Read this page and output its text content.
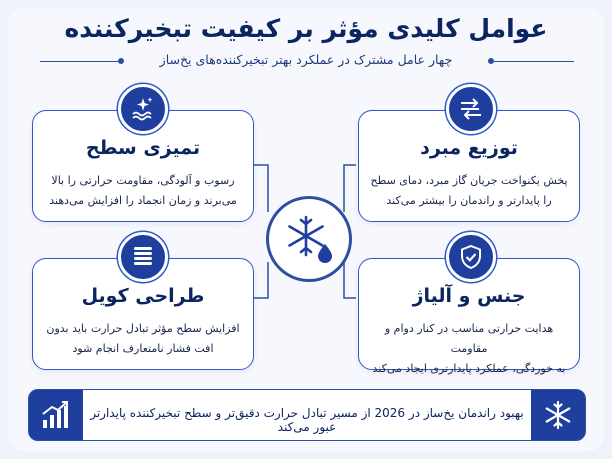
عوامل کلیدی مؤثر بر کیفیت تبخیرکننده
چهار عامل مشترک در عملکرد بهتر تبخیرکننده‌های یخ‌ساز
تمیزی سطح
رسوب و آلودگی، مقاومت حرارتی را بالا
می‌برند و زمان انجماد را افزایش می‌دهند
توزیع مبرد
پخش یکنواخت جریان گاز مبرد، دمای سطح
را پایدارتر و راندمان را بیشتر می‌کند
طراحی کویل
افزایش سطح مؤثر تبادل حرارت باید بدون
افت فشار نامتعارف انجام شود
جنس و آلیاژ
هدایت حرارتی مناسب در کنار دوام و مقاومت
به خوردگی، عملکرد پایدارتری ایجاد می‌کند
بهبود راندمان یخ‌ساز در 2026 از مسیر تبادل حرارت دقیق‌تر و سطح تبخیرکننده پایدارتر عبور می‌کند
